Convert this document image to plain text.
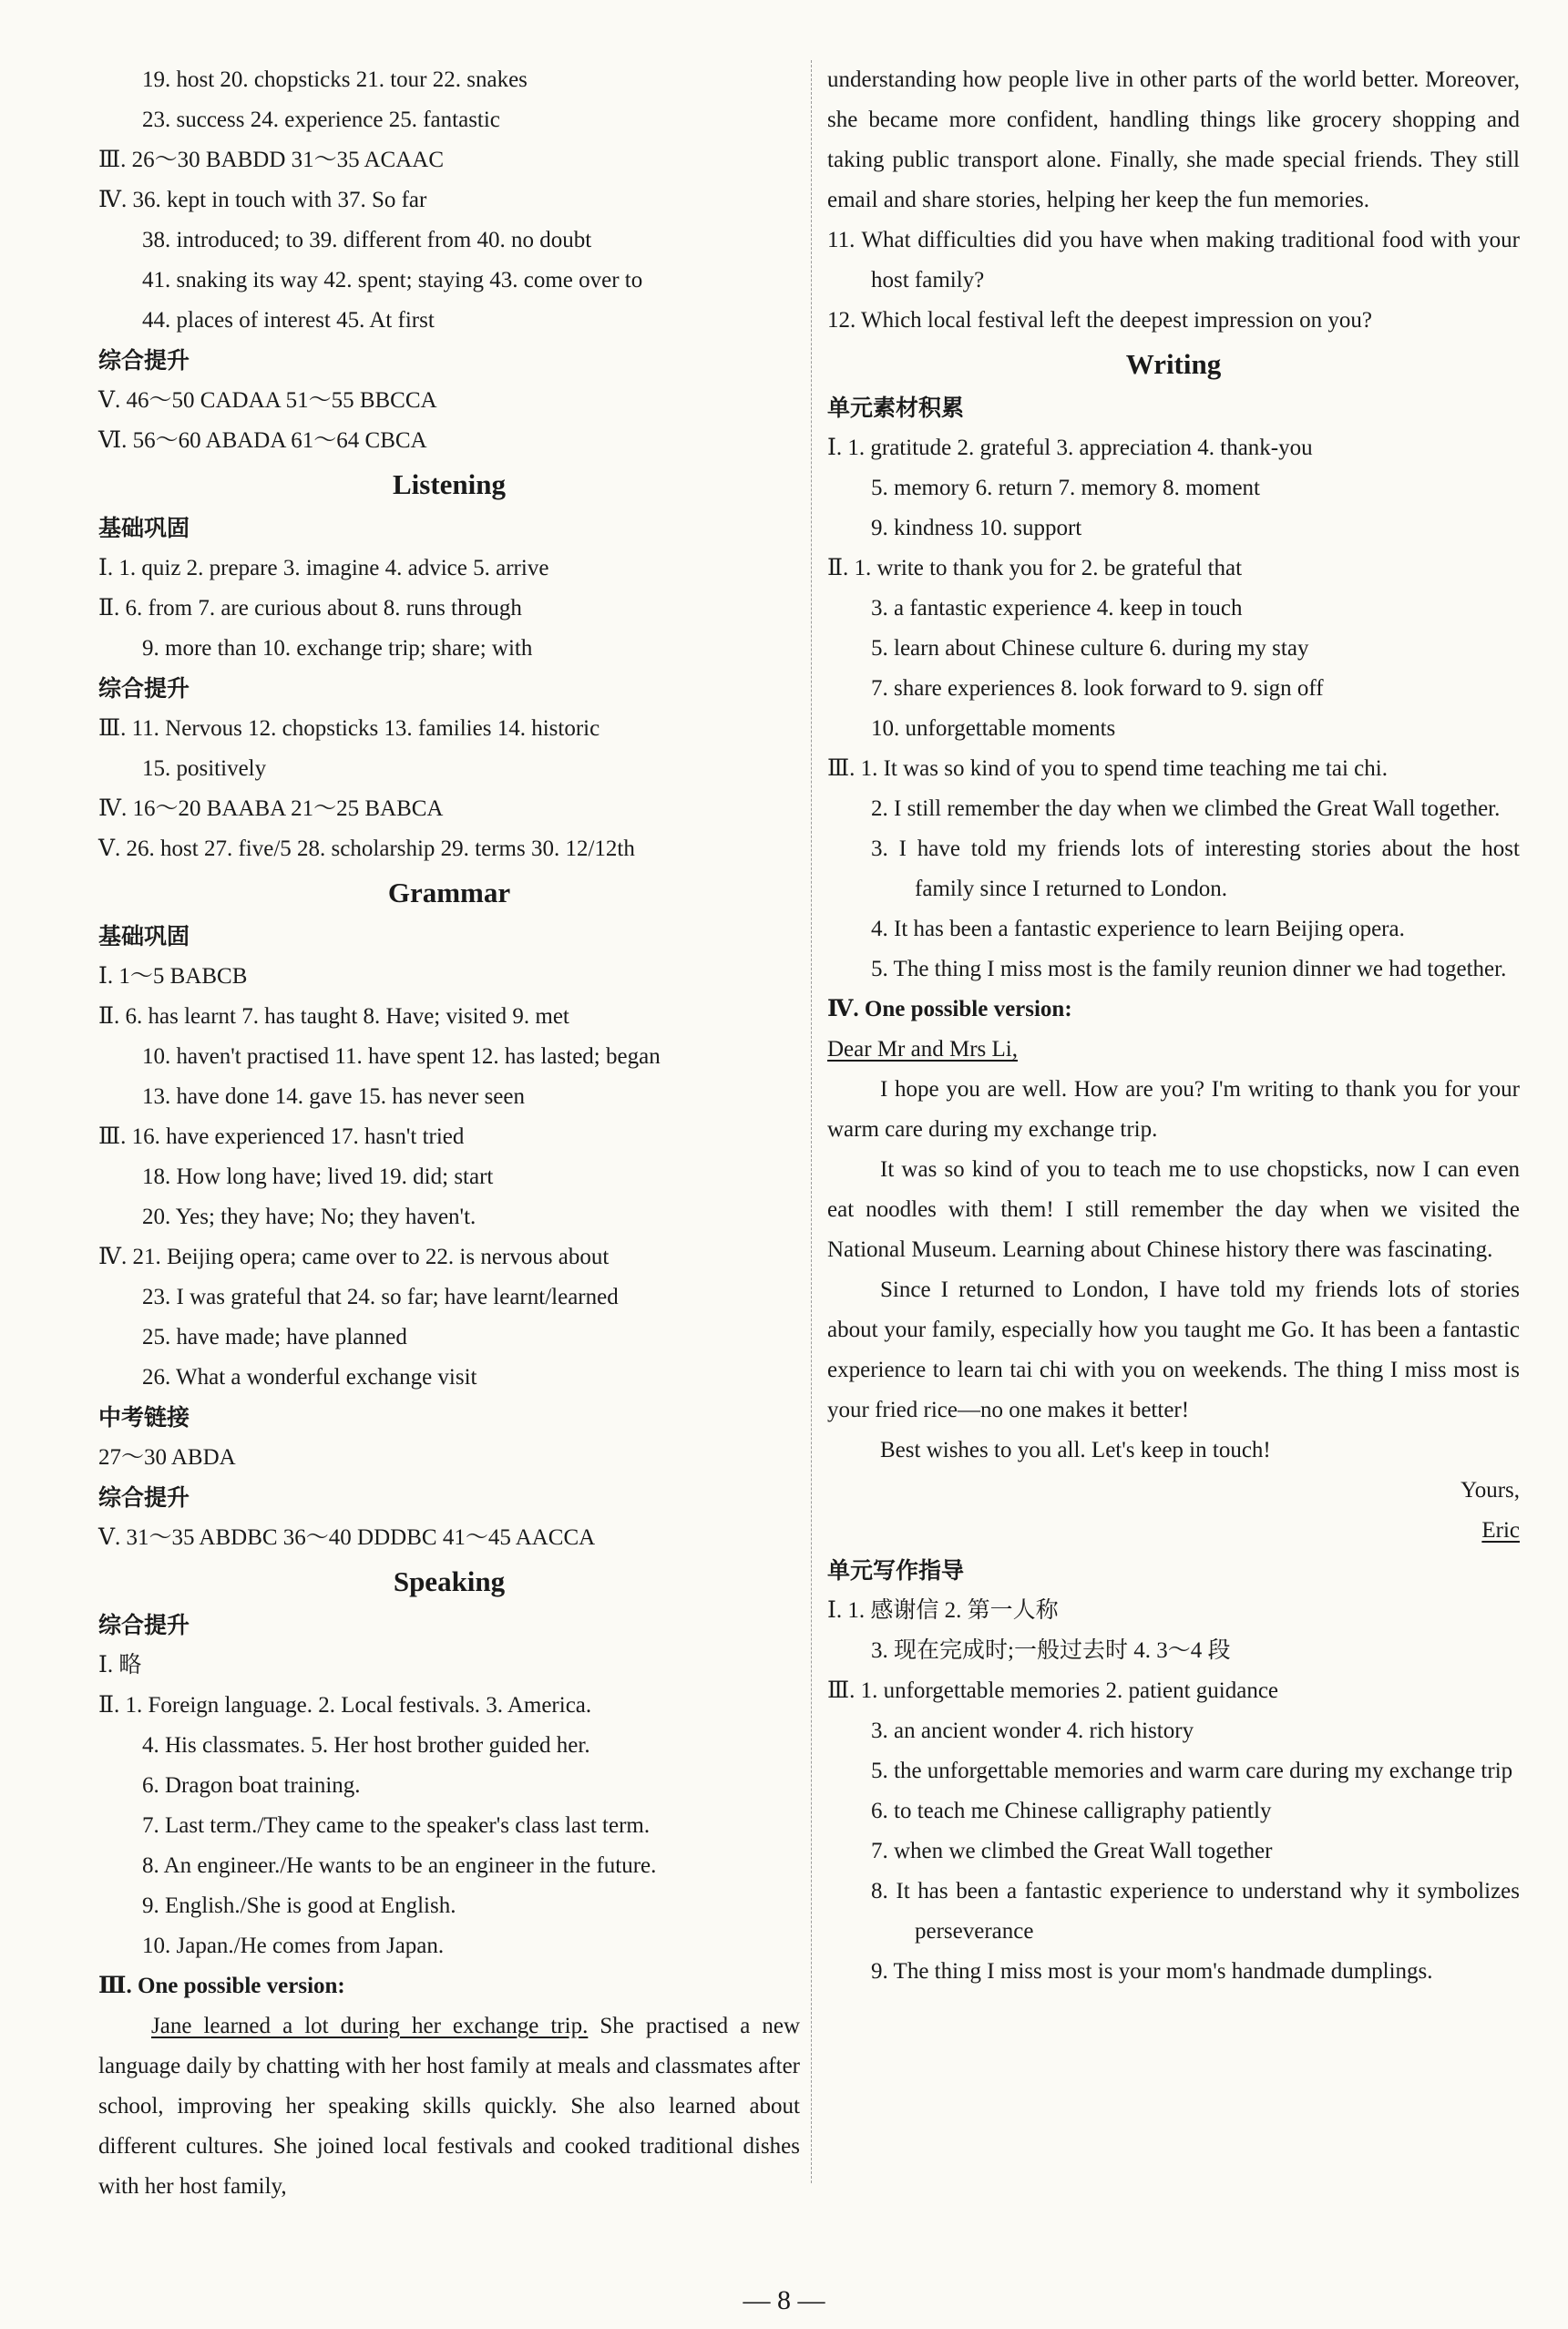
19. host 20. chopsticks 21. tour 22. snakes
23. success 24. experience 25. fantastic
Ⅲ. 26～30 BABDD 31～35 ACAAC
Ⅳ. 36. kept in touch with 37. So far
38. introduced; to 39. different from 40. no doubt
41. snaking its way 42. spent; staying 43. come over to
44. places of interest 45. At first
综合提升
Ⅴ. 46～50 CADAA 51～55 BBCCA
Ⅵ. 56～60 ABADA 61～64 CBCA
Listening
基础巩固
Ⅰ. 1. quiz 2. prepare 3. imagine 4. advice 5. arrive
Ⅱ. 6. from 7. are curious about 8. runs through
9. more than 10. exchange trip; share; with
综合提升
Ⅲ. 11. Nervous 12. chopsticks 13. families 14. historic
15. positively
Ⅳ. 16～20 BAABA 21～25 BABCA
Ⅴ. 26. host 27. five/5 28. scholarship 29. terms 30. 12/12th
Grammar
基础巩固
Ⅰ. 1～5 BABCB
Ⅱ. 6. has learnt 7. has taught 8. Have; visited 9. met
10. haven't practised 11. have spent 12. has lasted; began
13. have done 14. gave 15. has never seen
Ⅲ. 16. have experienced 17. hasn't tried
18. How long have; lived 19. did; start
20. Yes; they have; No; they haven't.
Ⅳ. 21. Beijing opera; came over to 22. is nervous about
23. I was grateful that 24. so far; have learnt/learned
25. have made; have planned
26. What a wonderful exchange visit
中考链接
27～30 ABDA
综合提升
Ⅴ. 31～35 ABDBC 36～40 DDDBC 41～45 AACCA
Speaking
综合提升
Ⅰ. 略
Ⅱ. 1. Foreign language. 2. Local festivals. 3. America.
4. His classmates. 5. Her host brother guided her.
6. Dragon boat training.
7. Last term./They came to the speaker's class last term.
8. An engineer./He wants to be an engineer in the future.
9. English./She is good at English.
10. Japan./He comes from Japan.
Ⅲ. One possible version:
Jane learned a lot during her exchange trip. She practised a new language daily by chatting with her host family at meals and classmates after school, improving her speaking skills quickly. She also learned about different cultures. She joined local festivals and cooked traditional dishes with her host family,
understanding how people live in other parts of the world better. Moreover, she became more confident, handling things like grocery shopping and taking public transport alone. Finally, she made special friends. They still email and share stories, helping her keep the fun memories.
11. What difficulties did you have when making traditional food with your host family?
12. Which local festival left the deepest impression on you?
Writing
单元素材积累
Ⅰ. 1. gratitude 2. grateful 3. appreciation 4. thank-you
5. memory 6. return 7. memory 8. moment
9. kindness 10. support
Ⅱ. 1. write to thank you for 2. be grateful that
3. a fantastic experience 4. keep in touch
5. learn about Chinese culture 6. during my stay
7. share experiences 8. look forward to 9. sign off
10. unforgettable moments
Ⅲ. 1. It was so kind of you to spend time teaching me tai chi.
2. I still remember the day when we climbed the Great Wall together.
3. I have told my friends lots of interesting stories about the host family since I returned to London.
4. It has been a fantastic experience to learn Beijing opera.
5. The thing I miss most is the family reunion dinner we had together.
Ⅳ. One possible version:
Dear Mr and Mrs Li,
I hope you are well. How are you? I'm writing to thank you for your warm care during my exchange trip.
It was so kind of you to teach me to use chopsticks, now I can even eat noodles with them! I still remember the day when we visited the National Museum. Learning about Chinese history there was fascinating.
Since I returned to London, I have told my friends lots of stories about your family, especially how you taught me Go. It has been a fantastic experience to learn tai chi with you on weekends. The thing I miss most is your fried rice—no one makes it better!
Best wishes to you all. Let's keep in touch!
Yours,
Eric
单元写作指导
Ⅰ. 1. 感谢信 2. 第一人称
3. 现在完成时;一般过去时 4. 3～4 段
Ⅲ. 1. unforgettable memories 2. patient guidance
3. an ancient wonder 4. rich history
5. the unforgettable memories and warm care during my exchange trip
6. to teach me Chinese calligraphy patiently
7. when we climbed the Great Wall together
8. It has been a fantastic experience to understand why it symbolizes perseverance
9. The thing I miss most is your mom's handmade dumplings.
— 8 —
